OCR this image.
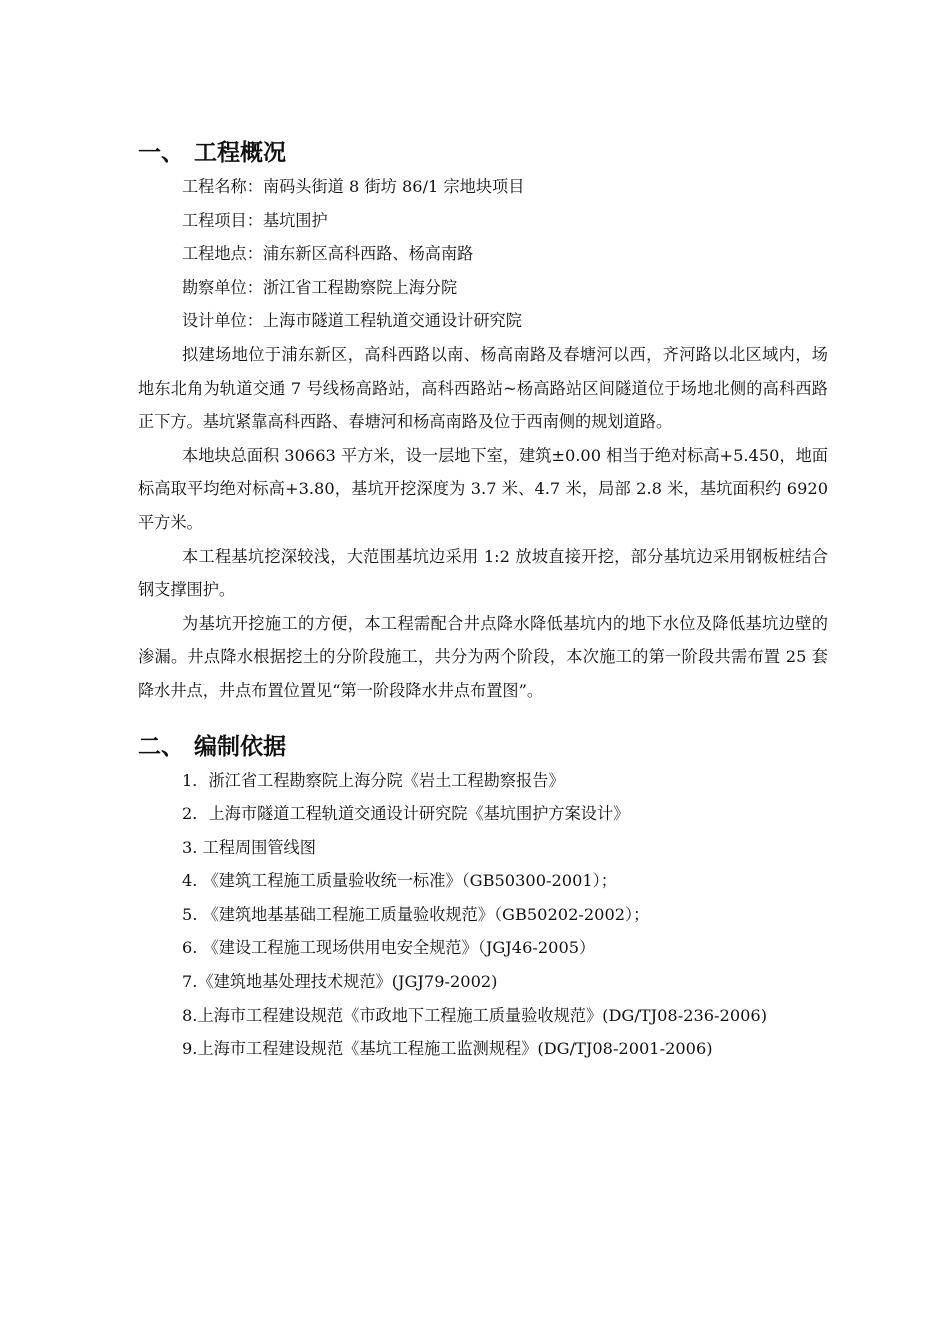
一、 工程概况

工程名称：南码头街道 8 街坊 86/1 宗地块项目

工程项目：基坑围护

工程地点：浦东新区高科西路、杨高南路

勘察单位：浙江省工程勘察院上海分院

设计单位：上海市隧道工程轨道交通设计研究院

拟建场地位于浦东新区，高科西路以南、杨高南路及春塘河以西，齐河路以北区域内，场地东北角为轨道交通 7 号线杨高路站，高科西路站~杨高路站区间隧道位于场地北侧的高科西路正下方。基坑紧靠高科西路、春塘河和杨高南路及位于西南侧的规划道路。

本地块总面积 30663 平方米，设一层地下室，建筑±0.00 相当于绝对标高+5.450，地面标高取平均绝对标高+3.80，基坑开挖深度为 3.7 米、4.7 米，局部 2.8 米，基坑面积约 6920 平方米。

本工程基坑挖深较浅，大范围基坑边采用 1:2 放坡直接开挖，部分基坑边采用钢板桩结合钢支撑围护。

为基坑开挖施工的方便，本工程需配合井点降水降低基坑内的地下水位及降低基坑边壁的渗漏。井点降水根据挖土的分阶段施工，共分为两个阶段，本次施工的第一阶段共需布置 25 套降水井点，井点布置位置见“第一阶段降水井点布置图”。

二、 编制依据

1．浙江省工程勘察院上海分院《岩土工程勘察报告》

2．上海市隧道工程轨道交通设计研究院《基坑围护方案设计》

3. 工程周围管线图

4. 《建筑工程施工质量验收统一标准》（GB50300-2001）；

5. 《建筑地基基础工程施工质量验收规范》（GB50202-2002）；

6. 《建设工程施工现场供用电安全规范》（JGJ46-2005）

7.《建筑地基处理技术规范》(JGJ79-2002)

8.上海市工程建设规范《市政地下工程施工质量验收规范》(DG/TJ08-236-2006)

9.上海市工程建设规范《基坑工程施工监测规程》(DG/TJ08-2001-2006)
